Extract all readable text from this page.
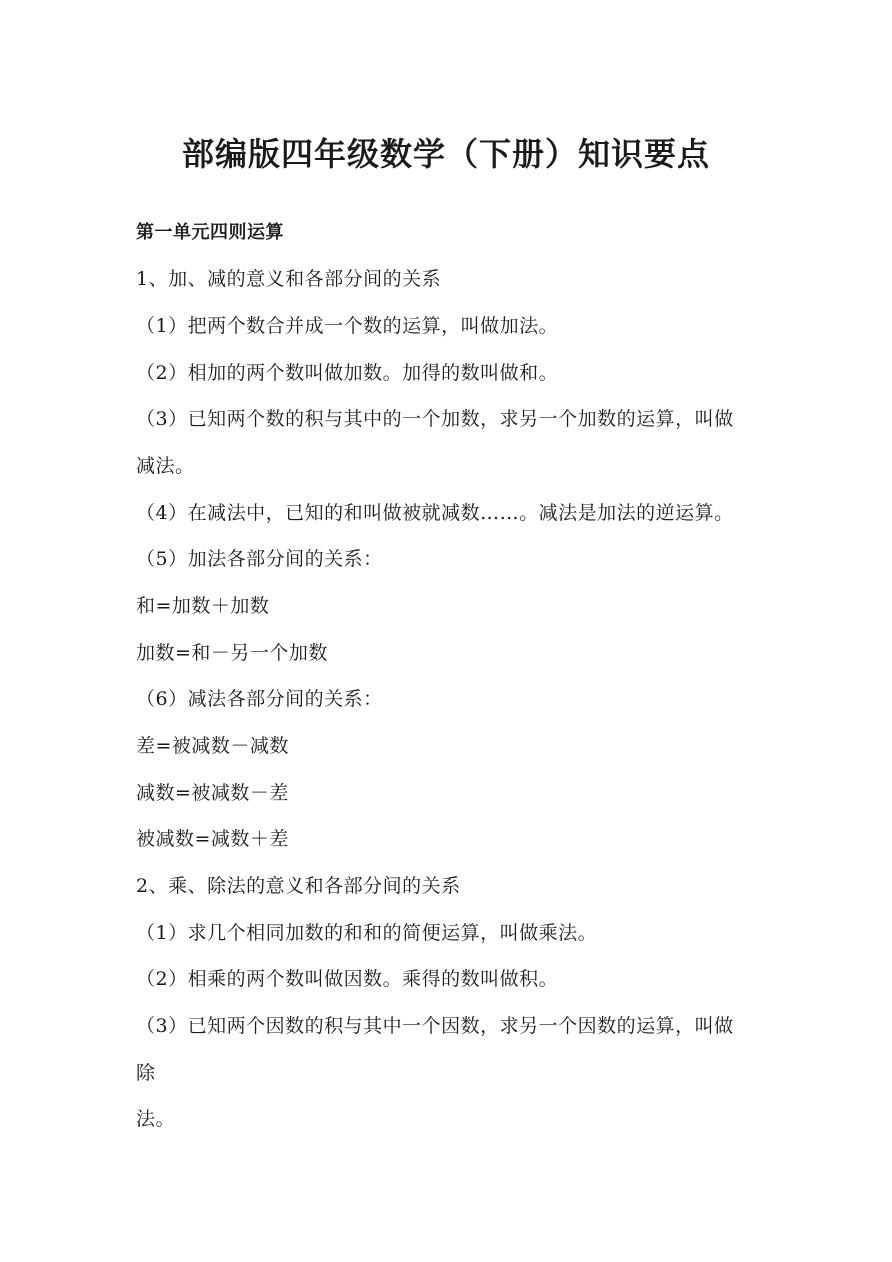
部编版四年级数学（下册）知识要点
第一单元四则运算
1、加、减的意义和各部分间的关系
（1）把两个数合并成一个数的运算，叫做加法。
（2）相加的两个数叫做加数。加得的数叫做和。
（3）已知两个数的积与其中的一个加数，求另一个加数的运算，叫做
减法。
（4）在减法中，已知的和叫做被就减数……。减法是加法的逆运算。
（5）加法各部分间的关系：
和=加数＋加数
加数=和－另一个加数
（6）减法各部分间的关系：
差=被减数－减数
减数=被减数－差
被减数=减数＋差
2、乘、除法的意义和各部分间的关系
（1）求几个相同加数的和和的简便运算，叫做乘法。
（2）相乘的两个数叫做因数。乘得的数叫做积。
（3）已知两个因数的积与其中一个因数，求另一个因数的运算，叫做
除
法。
